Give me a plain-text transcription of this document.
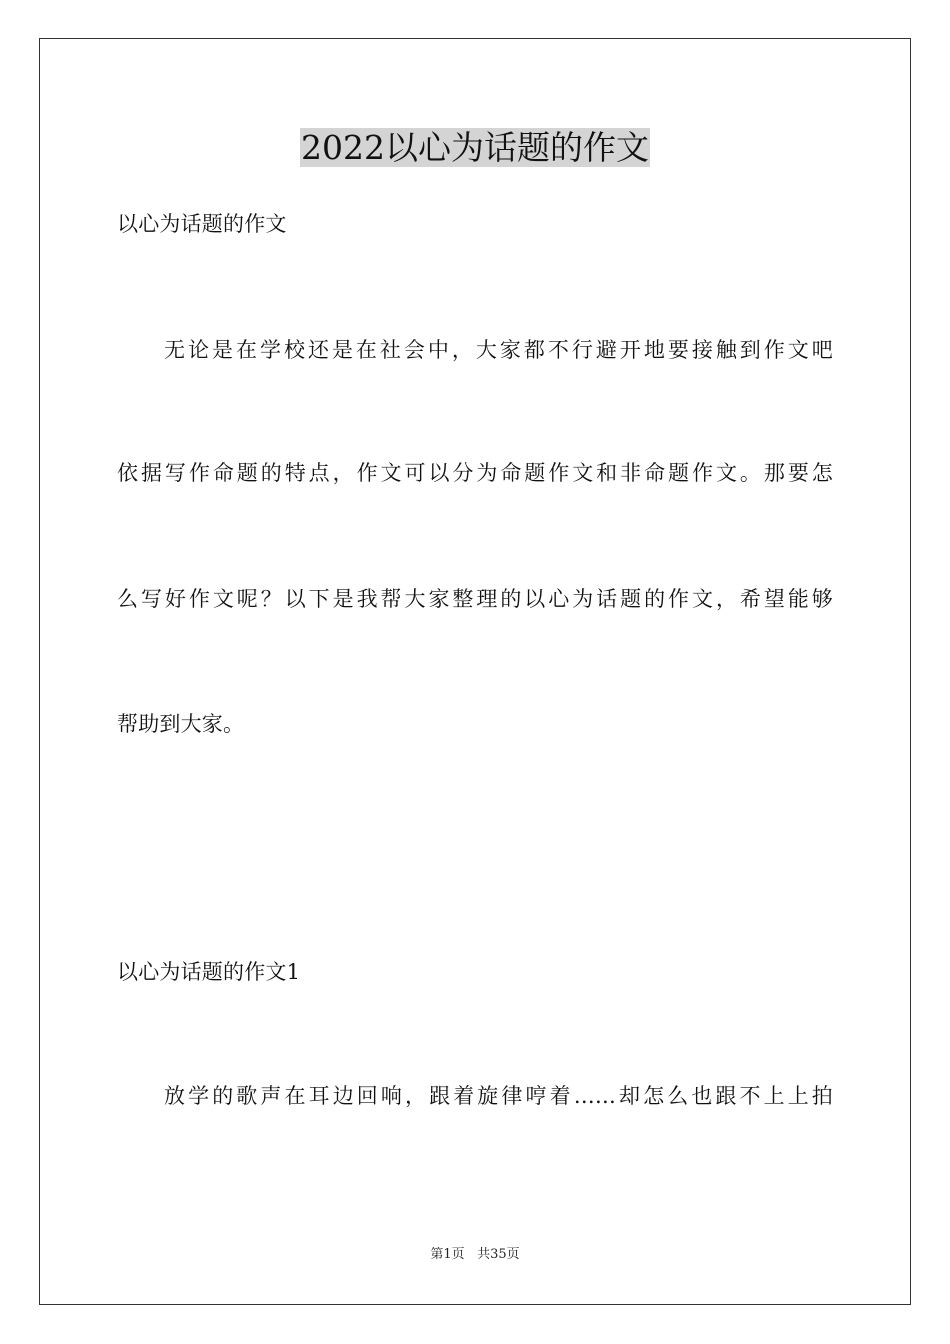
2022以心为话题的作文

以心为话题的作文

无论是在学校还是在社会中，大家都不行避开地要接触到作文吧

依据写作命题的特点，作文可以分为命题作文和非命题作文。那要怎

么写好作文呢？以下是我帮大家整理的以心为话题的作文，希望能够

帮助到大家。

以心为话题的作文1

放学的歌声在耳边回响，跟着旋律哼着……却怎么也跟不上上拍

第1页 共35页
